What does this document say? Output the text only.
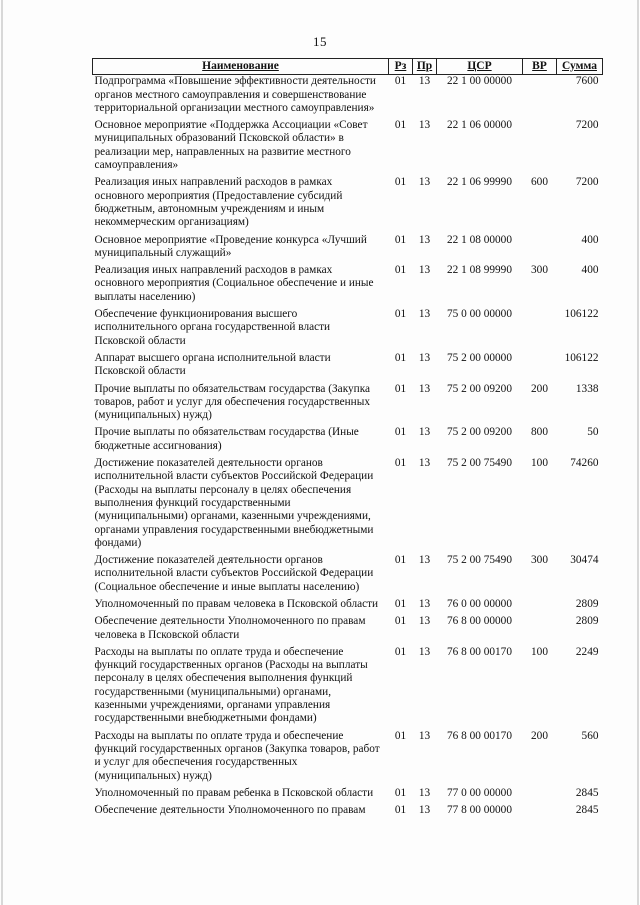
15
Наименование	Рз	Пр	ЦСР	ВР	Сумма
Подпрограмма «Повышение эффективности деятельности органов местного самоуправления и совершенствование территориальной организации местного самоуправления»	01	13	22 1 00 00000		7600
Основное мероприятие «Поддержка Ассоциации «Совет муниципальных образований Псковской области» в реализации мер, направленных на развитие местного самоуправления»	01	13	22 1 06 00000		7200
Реализация иных направлений расходов в рамках основного мероприятия (Предоставление субсидий бюджетным, автономным учреждениям и иным некоммерческим организациям)	01	13	22 1 06 99990	600	7200
Основное мероприятие «Проведение конкурса «Лучший муниципальный служащий»	01	13	22 1 08 00000		400
Реализация иных направлений расходов в рамках основного мероприятия (Социальное обеспечение и иные выплаты населению)	01	13	22 1 08 99990	300	400
Обеспечение функционирования высшего исполнительного органа государственной власти Псковской области	01	13	75 0 00 00000		106122
Аппарат высшего органа исполнительной власти Псковской области	01	13	75 2 00 00000		106122
Прочие выплаты по обязательствам государства (Закупка товаров, работ и услуг для обеспечения государственных (муниципальных) нужд)	01	13	75 2 00 09200	200	1338
Прочие выплаты по обязательствам государства (Иные бюджетные ассигнования)	01	13	75 2 00 09200	800	50
Достижение показателей деятельности органов исполнительной власти субъектов Российской Федерации (Расходы на выплаты персоналу в целях обеспечения выполнения функций государственными (муниципальными) органами, казенными учреждениями, органами управления государственными внебюджетными фондами)	01	13	75 2 00 75490	100	74260
Достижение показателей деятельности органов исполнительной власти субъектов Российской Федерации (Социальное обеспечение и иные выплаты населению)	01	13	75 2 00 75490	300	30474
Уполномоченный по правам человека в Псковской области	01	13	76 0 00 00000		2809
Обеспечение деятельности Уполномоченного по правам человека в Псковской области	01	13	76 8 00 00000		2809
Расходы на выплаты по оплате труда и обеспечение функций государственных органов (Расходы на выплаты персоналу в целях обеспечения выполнения функций государственными (муниципальными) органами, казенными учреждениями, органами управления государственными внебюджетными фондами)	01	13	76 8 00 00170	100	2249
Расходы на выплаты по оплате труда и обеспечение функций государственных органов (Закупка товаров, работ и услуг для обеспечения государственных (муниципальных) нужд)	01	13	76 8 00 00170	200	560
Уполномоченный по правам ребенка в Псковской области	01	13	77 0 00 00000		2845
Обеспечение деятельности Уполномоченного по правам	01	13	77 8 00 00000		2845
